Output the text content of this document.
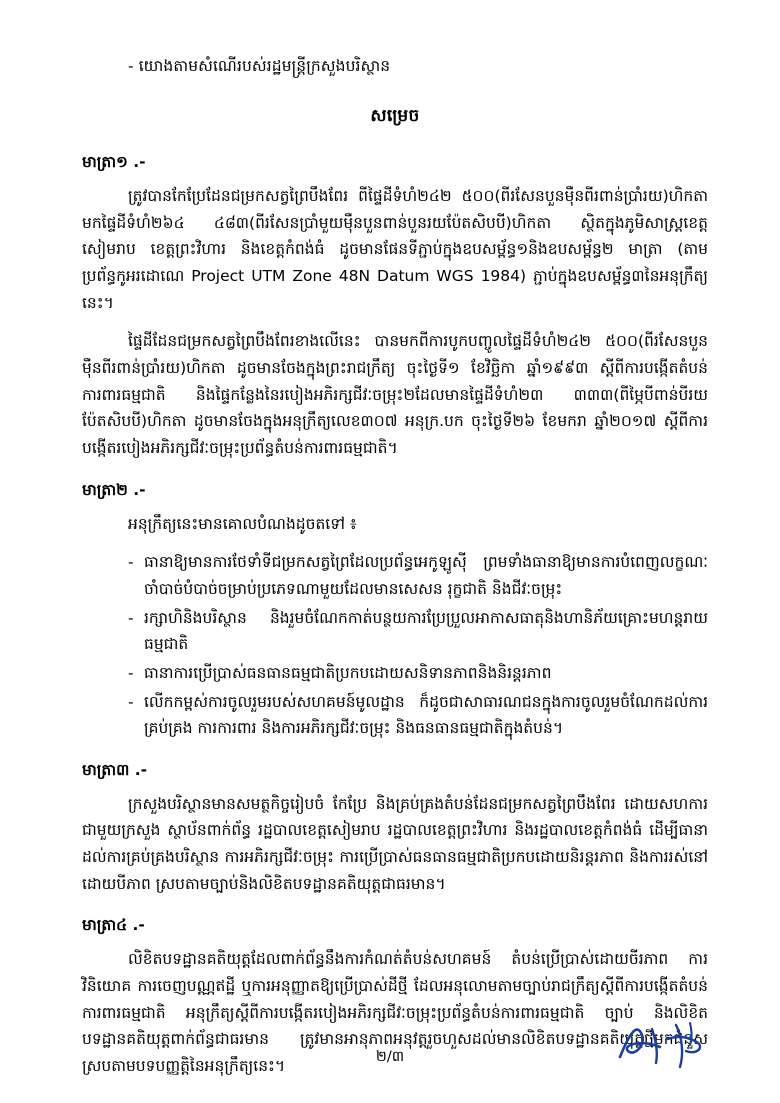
- យោងតាមសំណើរបស់រដ្ឋមន្ត្រីក្រសួងបរិស្ថាន
សម្រេច
មាត្រា១ .-

ត្រូវបានកែប្រែដែនជម្រកសត្វព្រៃបឹងពែរ ពីផ្ទៃដីទំហំ២៤២ ៥០០(ពីរសែនបួនម៉ឺនពីរពាន់ប្រាំរយ)ហិកតា មកផ្ទៃដីទំហំ២៦៤ ៤៨៣(ពីរសែនប្រាំមួយម៉ឺនបួនពាន់បួនរយប៉ែតសិបបី)ហិកតា ស្ថិតក្នុងភូមិសាស្ត្រខេត្តសៀមរាប ខេត្តព្រះវិហារ និងខេត្តកំពង់ធំ ដូចមានផែនទីភ្ជាប់ក្នុងឧបសម្ព័ន្ធ១និងឧបសម្ព័ន្ធ២ មាត្រា (តាមប្រព័ន្ធកូអរដោណេ Project UTM Zone 48N Datum WGS 1984) ភ្ជាប់ក្នុងឧបសម្ព័ន្ធ៣នៃអនុក្រឹត្យនេះ។

ផ្ទៃដីដែនជម្រកសត្វព្រៃបឹងពែរខាងលើនេះ បានមកពីការបូកបញ្ចូលផ្ទៃដីទំហំ២៤២ ៥០០(ពីរសែនបួនម៉ឺនពីរពាន់ប្រាំរយ)ហិកតា ដូចមានចែងក្នុងព្រះរាជក្រឹត្យ ចុះថ្ងៃទី១ ខែវិច្ឆិកា ឆ្នាំ១៩៩៣ ស្តីពីការបង្កើតតំបន់ការពារធម្មជាតិ និងផ្ទៃកន្លែងនៃរបៀងអភិរក្សជីវៈចម្រុះ២ដែលមានផ្ទៃដីទំហំ២៣ ៣៣៣(ពីម្ភៃបីពាន់បីរយប៉ែតសិបបី)ហិកតា ដូចមានចែងក្នុងអនុក្រឹត្យលេខ៣០៧ អនុក្រ.បក ចុះថ្ងៃទី២៦ ខែមករា ឆ្នាំ២០១៧ ស្តីពីការបង្កើតរបៀងអភិរក្សជីវៈចម្រុះប្រព័ន្ធតំបន់ការពារធម្មជាតិ។

មាត្រា២ .-

អនុក្រឹត្យនេះមានគោលបំណងដូចតទៅ ៖

- ធានាឱ្យមានការថែទាំទីជម្រកសត្វព្រៃដែលប្រព័ន្ធអេកូឡូស៊ី ព្រមទាំងធានាឱ្យមានការបំពេញលក្ខណៈចាំបាច់បំបាច់ចម្រាប់ប្រភេទណាមួយដែលមានសេសន រុក្ខជាតិ និងជីវៈចម្រុះ
- រក្សាហិនិងបរិស្ថាន និងរួមចំណែកកាត់បន្ថយការប្រែប្រួលអាកាសធាតុនិងហានិភ័យគ្រោះមហន្តរាយធម្មជាតិ
- ធានាការប្រើប្រាស់ធនធានធម្មជាតិប្រកបដោយសនិទានភាពនិងនិរន្តរភាព
- លើកកម្ពស់ការចូលរួមរបស់សហគមន៍មូលដ្ឋាន ក៏ដូចជាសាធារណជនក្នុងការចូលរួមចំណែកដល់ការគ្រប់គ្រង ការការពារ និងការអភិរក្សជីវៈចម្រុះ និងធនធានធម្មជាតិក្នុងតំបន់។
មាត្រា៣ .-

ក្រសួងបរិស្ថានមានសមត្ថកិច្ចរៀបចំ កែប្រែ និងគ្រប់គ្រងតំបន់ដែនជម្រកសត្វព្រៃបឹងពែរ ដោយសហការជាមួយក្រសួង ស្ថាប័នពាក់ព័ន្ធ រដ្ឋបាលខេត្តសៀមរាប រដ្ឋបាលខេត្តព្រះវិហារ និងរដ្ឋបាលខេត្តកំពង់ធំ ដើម្បីធានាដល់ការគ្រប់គ្រងបរិស្ថាន ការអភិរក្សជីវៈចម្រុះ ការប្រើប្រាស់ធនធានធម្មជាតិប្រកបដោយនិរន្តរភាព និងការរស់នៅដោយបីភាព ស្របតាមច្បាប់និងលិខិតបទដ្ឋានគតិយុត្តជាធរមាន។

មាត្រា៤ .-

លិខិតបទដ្ឋានគតិយុត្តដែលពាក់ព័ន្ធនឹងការកំណត់តំបន់សហគមន៍ តំបន់ប្រើប្រាស់ដោយចីរភាព ការវិនិយោគ ការចេញបណ្ណឥដ្ឋី ឬការអនុញ្ញាតឱ្យប្រើប្រាស់ដីថ្មី ដែលអនុលោមតាមច្បាប់រាជក្រឹត្យស្តីពីការបង្កើតតំបន់ការពារធម្មជាតិ អនុក្រឹត្យស្តីពីការបង្កើតរបៀងអភិរក្សជីវៈចម្រុះប្រព័ន្ធតំបន់ការពារធម្មជាតិ ច្បាប់ និងលិខិតបទដ្ឋានគតិយុត្តពាក់ព័ន្ធជាធរមាន ត្រូវមានអានុភាពអនុវត្តរួចហួសដល់មានលិខិតបទដ្ឋានគតិយុត្តថ្មីមកជំនួសស្របតាមបទបញ្ញត្តិនៃអនុក្រឹត្យនេះ។

២/៣
